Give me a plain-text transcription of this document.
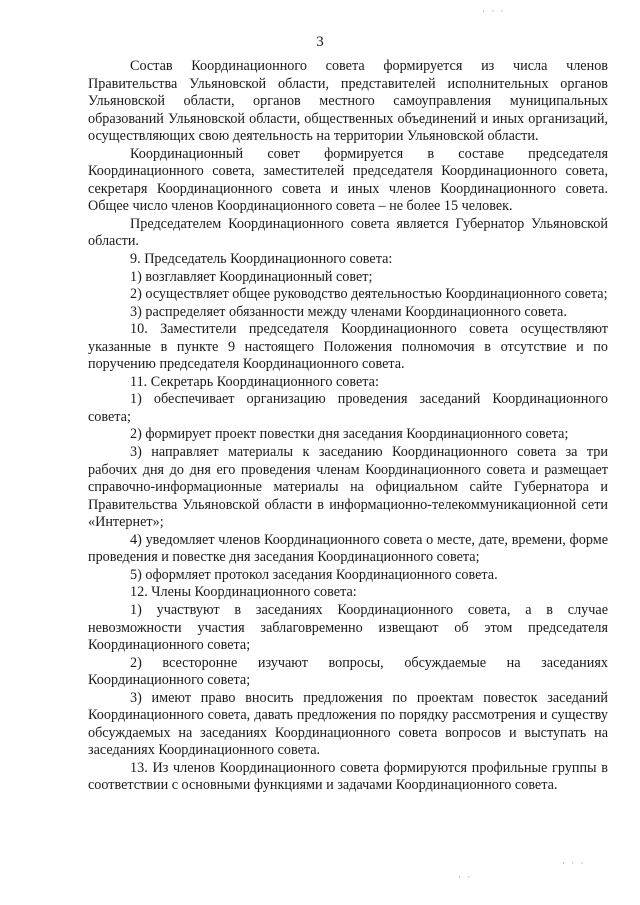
· · ·
3

Состав Координационного совета формируется из числа членов Правительства Ульяновской области, представителей исполнительных органов Ульяновской области, органов местного самоуправления муниципальных образований Ульяновской области, общественных объединений и иных организаций, осуществляющих свою деятельность на территории Ульяновской области.

Координационный совет формируется в составе председателя Координационного совета, заместителей председателя Координационного совета, секретаря Координационного совета и иных членов Координационного совета. Общее число членов Координационного совета – не более 15 человек.

Председателем Координационного совета является Губернатор Ульяновской области.

9. Председатель Координационного совета:

1) возглавляет Координационный совет;

2) осуществляет общее руководство деятельностью Координационного совета;

3) распределяет обязанности между членами Координационного совета.

10. Заместители председателя Координационного совета осуществляют указанные в пункте 9 настоящего Положения полномочия в отсутствие и по поручению председателя Координационного совета.

11. Секретарь Координационного совета:

1) обеспечивает организацию проведения заседаний Координационного совета;

2) формирует проект повестки дня заседания Координационного совета;

3) направляет материалы к заседанию Координационного совета за три рабочих дня до дня его проведения членам Координационного совета и размещает справочно-информационные материалы на официальном сайте Губернатора и Правительства Ульяновской области в информационно-телекоммуникационной сети «Интернет»;

4) уведомляет членов Координационного совета о месте, дате, времени, форме проведения и повестке дня заседания Координационного совета;

5) оформляет протокол заседания Координационного совета.

12. Члены Координационного совета:

1) участвуют в заседаниях Координационного совета, а в случае невозможности участия заблаговременно извещают об этом председателя Координационного совета;

2) всесторонне изучают вопросы, обсуждаемые на заседаниях Координационного совета;

3) имеют право вносить предложения по проектам повесток заседаний Координационного совета, давать предложения по порядку рассмотрения и существу обсуждаемых на заседаниях Координационного совета вопросов и выступать на заседаниях Координационного совета.

13. Из членов Координационного совета формируются профильные группы в соответствии с основными функциями и задачами Координационного совета.

· · ·
· ·
